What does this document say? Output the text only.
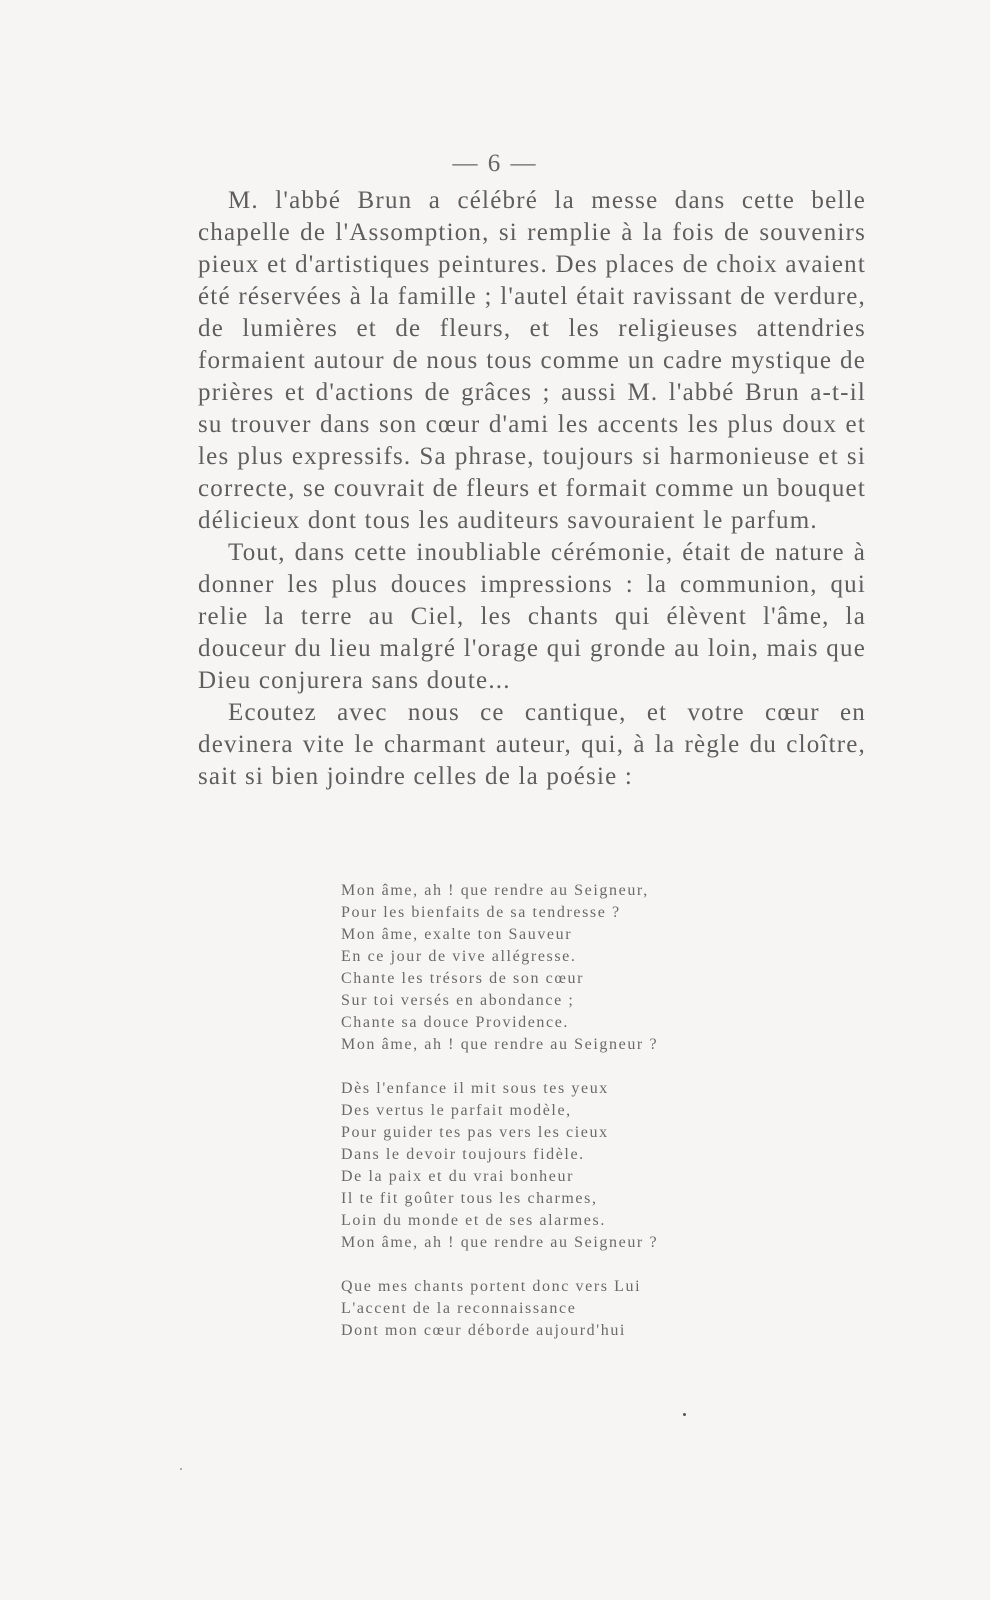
— 6 —

M. l'abbé Brun a célébré la messe dans cette belle chapelle de l'Assomption, si remplie à la fois de souvenirs pieux et d'artistiques peintures. Des places de choix avaient été réservées à la famille ; l'autel était ravissant de verdure, de lumières et de fleurs, et les religieuses attendries formaient autour de nous tous comme un cadre mystique de prières et d'actions de grâces ; aussi M. l'abbé Brun a-t-il su trouver dans son cœur d'ami les accents les plus doux et les plus expressifs. Sa phrase, toujours si harmonieuse et si correcte, se couvrait de fleurs et formait comme un bouquet délicieux dont tous les auditeurs savouraient le parfum.

Tout, dans cette inoubliable cérémonie, était de nature à donner les plus douces impressions : la communion, qui relie la terre au Ciel, les chants qui élèvent l'âme, la douceur du lieu malgré l'orage qui gronde au loin, mais que Dieu conjurera sans doute...

Ecoutez avec nous ce cantique, et votre cœur en devinera vite le charmant auteur, qui, à la règle du cloître, sait si bien joindre celles de la poésie :

Mon âme, ah ! que rendre au Seigneur,
Pour les bienfaits de sa tendresse ?
Mon âme, exalte ton Sauveur
En ce jour de vive allégresse.
Chante les trésors de son cœur
Sur toi versés en abondance ;
Chante sa douce Providence.
Mon âme, ah ! que rendre au Seigneur ?
Dès l'enfance il mit sous tes yeux
Des vertus le parfait modèle,
Pour guider tes pas vers les cieux
Dans le devoir toujours fidèle.
De la paix et du vrai bonheur
Il te fit goûter tous les charmes,
Loin du monde et de ses alarmes.
Mon âme, ah ! que rendre au Seigneur ?
Que mes chants portent donc vers Lui
L'accent de la reconnaissance
Dont mon cœur déborde aujourd'hui
